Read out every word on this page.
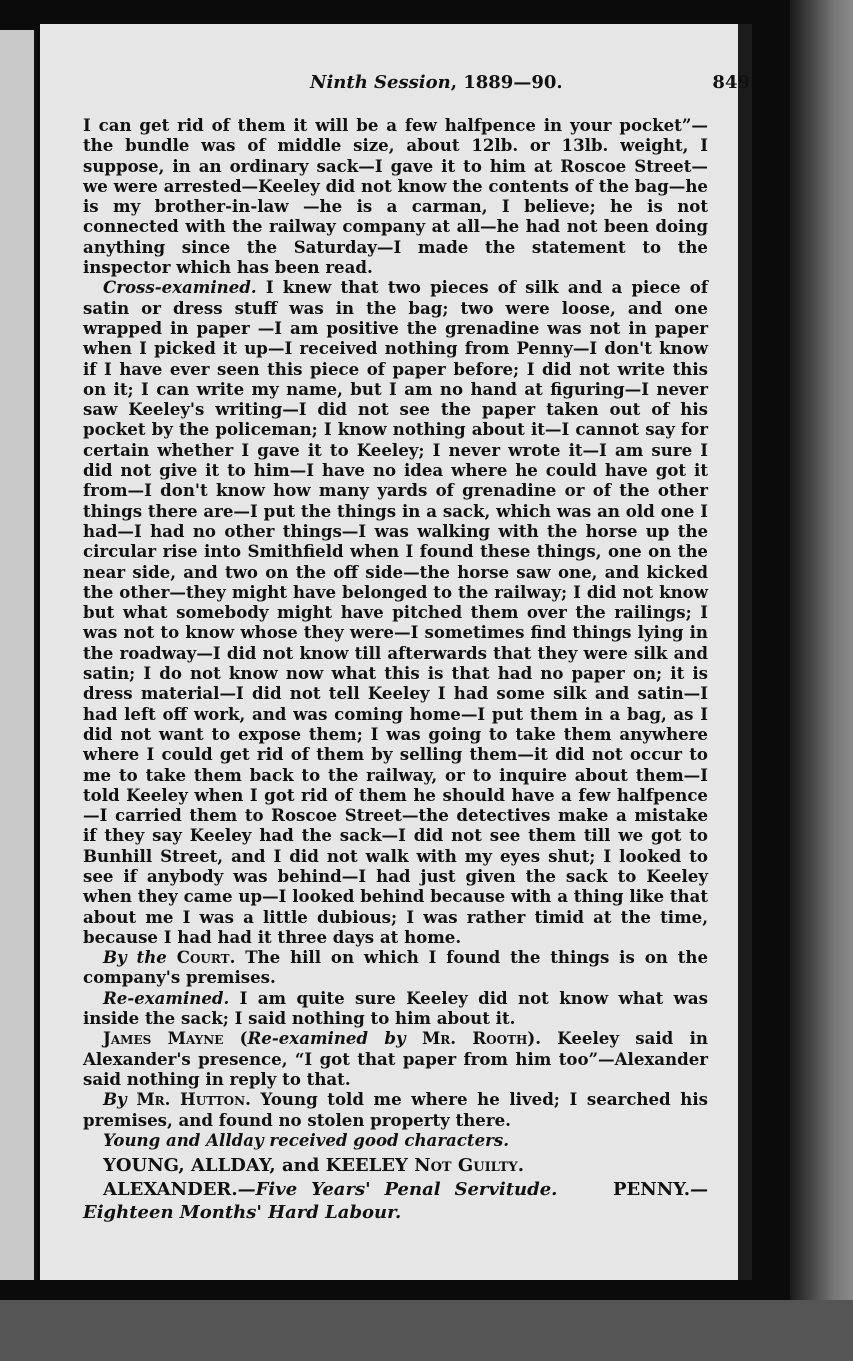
Ninth Session, 1889—90.	849

I can get rid of them it will be a few halfpence in your pocket”—the bundle was of middle size, about 12lb. or 13lb. weight, I suppose, in an ordinary sack—I gave it to him at Roscoe Street—we were arrested—Keeley did not know the contents of the bag—he is my brother-in-law —he is a carman, I believe; he is not connected with the railway company at all—he had not been doing anything since the Saturday—I made the statement to the inspector which has been read.

Cross-examined. I knew that two pieces of silk and a piece of satin or dress stuff was in the bag; two were loose, and one wrapped in paper —I am positive the grenadine was not in paper when I picked it up—I received nothing from Penny—I don't know if I have ever seen this piece of paper before; I did not write this on it; I can write my name, but I am no hand at figuring—I never saw Keeley's writing—I did not see the paper taken out of his pocket by the policeman; I know nothing about it—I cannot say for certain whether I gave it to Keeley; I never wrote it—I am sure I did not give it to him—I have no idea where he could have got it from—I don't know how many yards of grenadine or of the other things there are—I put the things in a sack, which was an old one I had—I had no other things—I was walking with the horse up the circular rise into Smithfield when I found these things, one on the near side, and two on the off side—the horse saw one, and kicked the other—they might have belonged to the railway; I did not know but what somebody might have pitched them over the railings; I was not to know whose they were—I sometimes find things lying in the roadway—I did not know till afterwards that they were silk and satin; I do not know now what this is that had no paper on; it is dress material—I did not tell Keeley I had some silk and satin—I had left off work, and was coming home—I put them in a bag, as I did not want to expose them; I was going to take them anywhere where I could get rid of them by selling them—it did not occur to me to take them back to the railway, or to inquire about them—I told Keeley when I got rid of them he should have a few halfpence—I carried them to Roscoe Street—the detectives make a mistake if they say Keeley had the sack—I did not see them till we got to Bunhill Street, and I did not walk with my eyes shut; I looked to see if anybody was behind—I had just given the sack to Keeley when they came up—I looked behind because with a thing like that about me I was a little dubious; I was rather timid at the time, because I had had it three days at home.

By the Court. The hill on which I found the things is on the company's premises.

Re-examined. I am quite sure Keeley did not know what was inside the sack; I said nothing to him about it.

James Mayne (Re-examined by Mr. Rooth). Keeley said in Alexander's presence, “I got that paper from him too”—Alexander said nothing in reply to that.

By Mr. Hutton. Young told me where he lived; I searched his premises, and found no stolen property there.

Young and Allday received good characters.

YOUNG, ALLDAY, and KEELEY Not Guilty.

ALEXANDER.—Five Years' Penal Servitude.	PENNY.—Eighteen Months' Hard Labour.
